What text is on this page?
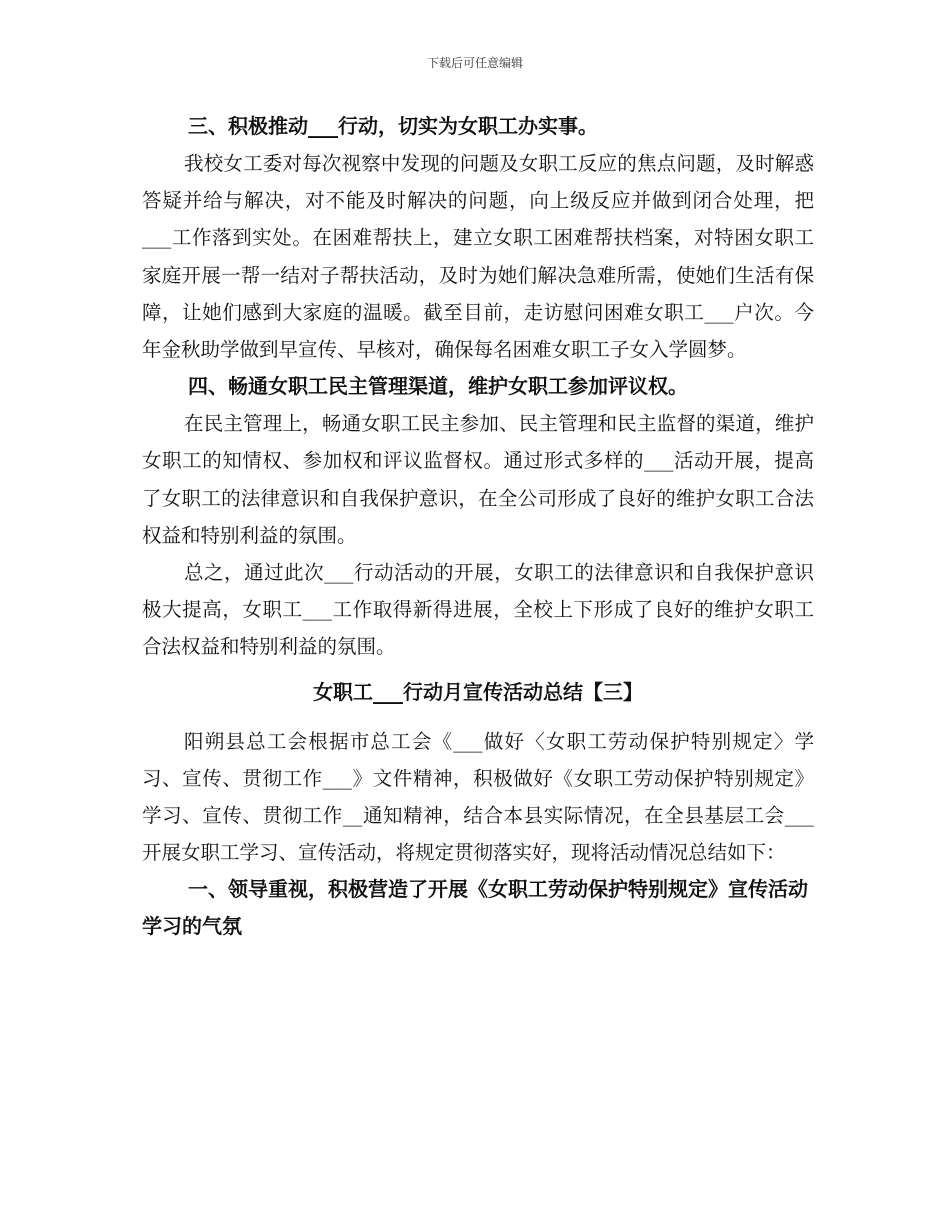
下载后可任意编辑

三、积极推动___行动，切实为女职工办实事。

我校女工委对每次视察中发现的问题及女职工反应的焦点问题，及时解惑答疑并给与解决，对不能及时解决的问题，向上级反应并做到闭合处理，把___工作落到实处。在困难帮扶上，建立女职工困难帮扶档案，对特困女职工家庭开展一帮一结对子帮扶活动，及时为她们解决急难所需，使她们生活有保障，让她们感到大家庭的温暖。截至目前，走访慰问困难女职工___户次。今年金秋助学做到早宣传、早核对，确保每名困难女职工子女入学圆梦。

四、畅通女职工民主管理渠道，维护女职工参加评议权。

在民主管理上，畅通女职工民主参加、民主管理和民主监督的渠道，维护女职工的知情权、参加权和评议监督权。通过形式多样的___活动开展，提高了女职工的法律意识和自我保护意识，在全公司形成了良好的维护女职工合法权益和特别利益的氛围。

总之，通过此次___行动活动的开展，女职工的法律意识和自我保护意识极大提高，女职工___工作取得新得进展，全校上下形成了良好的维护女职工合法权益和特别利益的氛围。

女职工___行动月宣传活动总结【三】

阳朔县总工会根据市总工会《___做好〈女职工劳动保护特别规定〉学习、宣传、贯彻工作___》文件精神，积极做好《女职工劳动保护特别规定》学习、宣传、贯彻工作__通知精神，结合本县实际情况，在全县基层工会___开展女职工学习、宣传活动，将规定贯彻落实好，现将活动情况总结如下：

一、领导重视，积极营造了开展《女职工劳动保护特别规定》宣传活动学习的气氛
